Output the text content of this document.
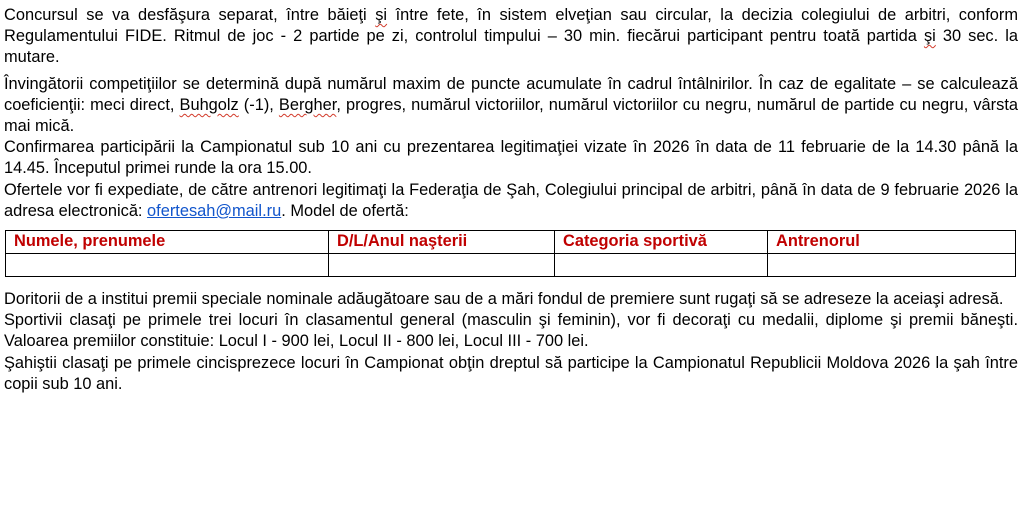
Concursul se va desfăşura separat, între băieţi şi între fete, în sistem elveţian sau circular, la decizia colegiului de arbitri, conform Regulamentului FIDE. Ritmul de joc - 2 partide pe zi, controlul timpului – 30 min. fiecărui participant pentru toată partida şi 30 sec. la mutare.

Învingătorii competiţiilor se determină după numărul maxim de puncte acumulate în cadrul întâlnirilor. În caz de egalitate – se calculează coeficienţii: meci direct, Buhgolz (-1), Bergher, progres, numărul victoriilor, numărul victoriilor cu negru, numărul de partide cu negru, vârsta mai mică.

Confirmarea participării la Campionatul sub 10 ani cu prezentarea legitimaţiei vizate în 2026 în data de 11 februarie de la 14.30 până la 14.45. Începutul primei runde la ora 15.00.

Ofertele vor fi expediate, de către antrenori legitimaţi la Federaţia de Şah, Colegiului principal de arbitri, până în data de 9 februarie 2026 la adresa electronică: ofertesah@mail.ru. Model de ofertă:

Numele, prenumele	D/L/Anul naşterii	Categoria sportivă	Antrenorul

Doritorii de a institui premii speciale nominale adăugătoare sau de a mări fondul de premiere sunt rugaţi să se adreseze la aceiaşi adresă.

Sportivii clasaţi pe primele trei locuri în clasamentul general (masculin şi feminin), vor fi decoraţi cu medalii, diplome şi premii băneşti. Valoarea premiilor constituie: Locul I - 900 lei, Locul II - 800 lei, Locul III - 700 lei.

Şahiştii clasaţi pe primele cincisprezece locuri în Campionat obţin dreptul să participe la Campionatul Republicii Moldova 2026 la şah între copii sub 10 ani.
